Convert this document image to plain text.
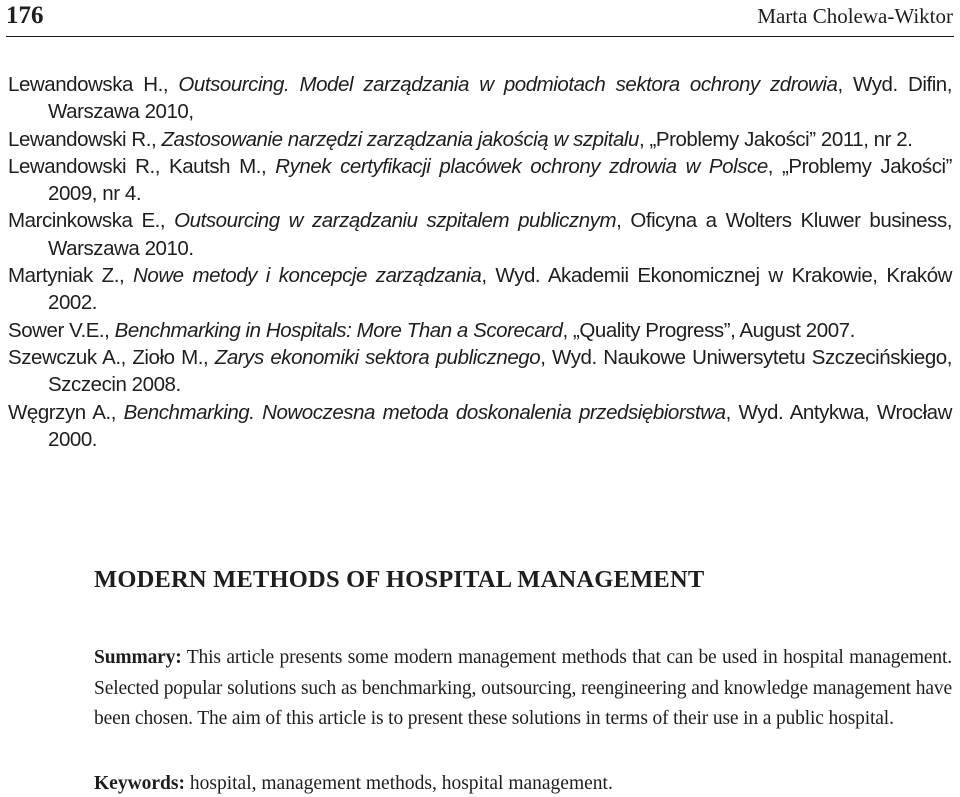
176	Marta Cholewa-Wiktor

Lewandowska H., Outsourcing. Model zarządzania w podmiotach sektora ochrony zdrowia, Wyd. Difin, Warszawa 2010,

Lewandowski R., Zastosowanie narzędzi zarządzania jakością w szpitalu, „Problemy Jakości” 2011, nr 2.

Lewandowski R., Kautsh M., Rynek certyfikacji placówek ochrony zdrowia w Polsce, „Problemy Jakości” 2009, nr 4.

Marcinkowska E., Outsourcing w zarządzaniu szpitalem publicznym, Oficyna a Wolters Kluwer business, Warszawa 2010.

Martyniak Z., Nowe metody i koncepcje zarządzania, Wyd. Akademii Ekonomicznej w Krakowie, Kraków 2002.

Sower V.E., Benchmarking in Hospitals: More Than a Scorecard, „Quality Progress”, August 2007.

Szewczuk A., Zioło M., Zarys ekonomiki sektora publicznego, Wyd. Naukowe Uniwersytetu Szczecińskiego, Szczecin 2008.

Węgrzyn A., Benchmarking. Nowoczesna metoda doskonalenia przedsiębiorstwa, Wyd. Antykwa, Wrocław 2000.

MODERN METHODS OF HOSPITAL MANAGEMENT

Summary: This article presents some modern management methods that can be used in hospital management. Selected popular solutions such as benchmarking, outsourcing, reengineering and knowledge management have been chosen. The aim of this article is to present these solutions in terms of their use in a public hospital.

Keywords: hospital, management methods, hospital management.
